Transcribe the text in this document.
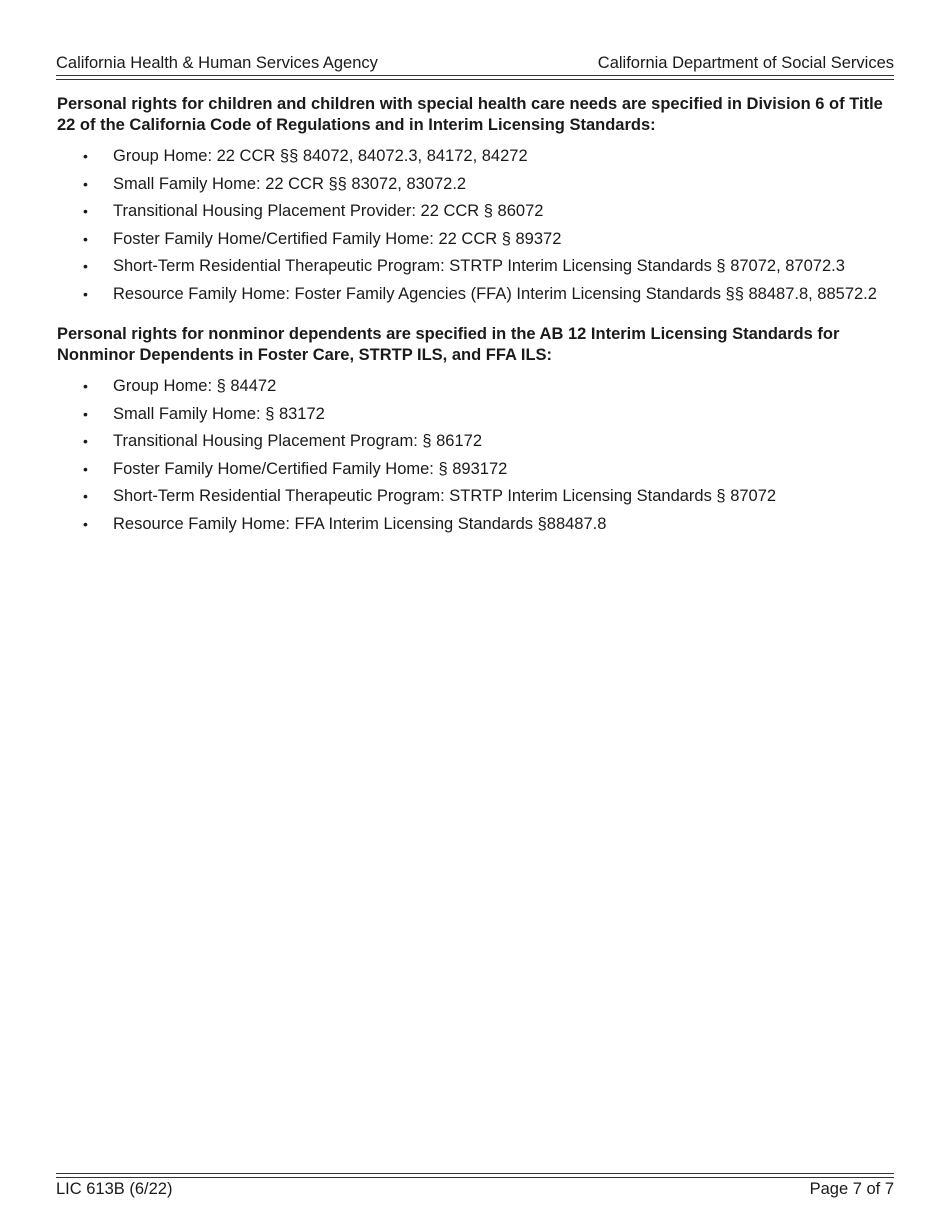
California Health & Human Services Agency	California Department of Social Services

Personal rights for children and children with special health care needs are specified in Division 6 of Title 22 of the California Code of Regulations and in Interim Licensing Standards:

• Group Home: 22 CCR §§ 84072, 84072.3, 84172, 84272
• Small Family Home: 22 CCR §§ 83072, 83072.2
• Transitional Housing Placement Provider: 22 CCR § 86072
• Foster Family Home/Certified Family Home: 22 CCR § 89372
• Short-Term Residential Therapeutic Program: STRTP Interim Licensing Standards § 87072, 87072.3
• Resource Family Home: Foster Family Agencies (FFA) Interim Licensing Standards §§ 88487.8, 88572.2

Personal rights for nonminor dependents are specified in the AB 12 Interim Licensing Standards for Nonminor Dependents in Foster Care, STRTP ILS, and FFA ILS:

• Group Home: § 84472
• Small Family Home: § 83172
• Transitional Housing Placement Program: § 86172
• Foster Family Home/Certified Family Home: § 893172
• Short-Term Residential Therapeutic Program: STRTP Interim Licensing Standards § 87072
• Resource Family Home: FFA Interim Licensing Standards §88487.8
LIC 613B (6/22)	Page 7 of 7
